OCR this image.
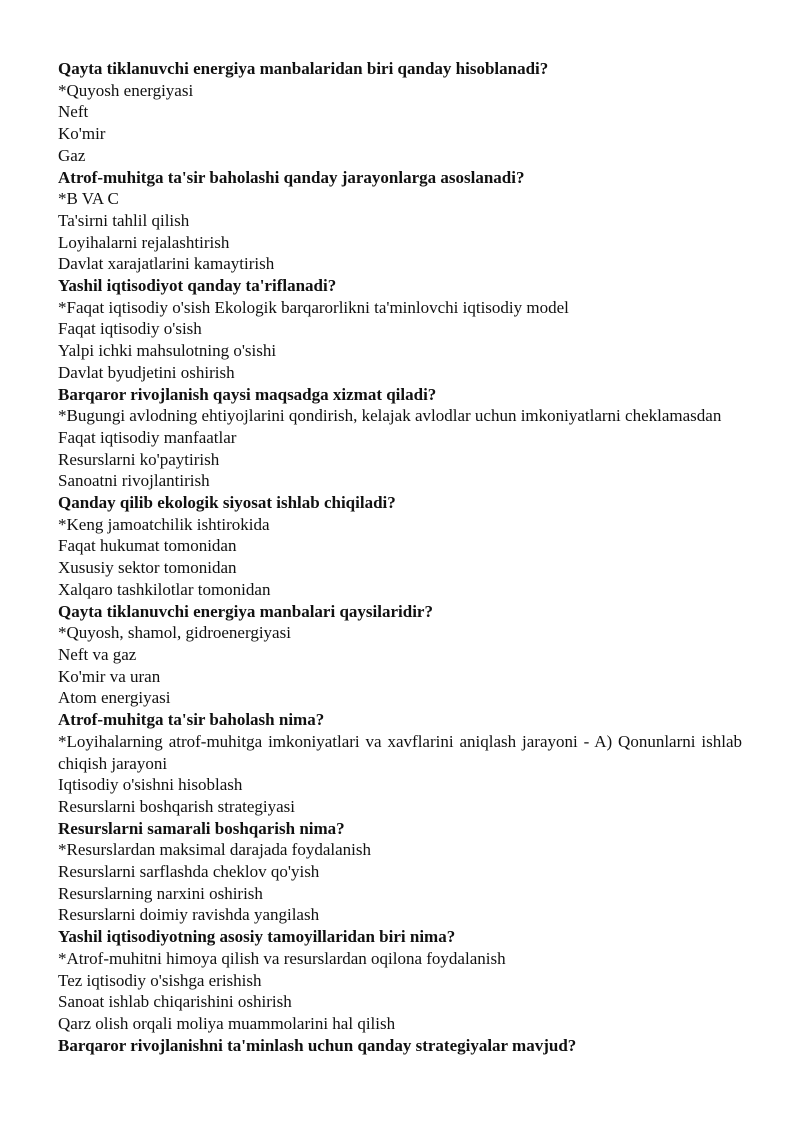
Qayta tiklanuvchi energiya manbalaridan biri qanday hisoblanadi?
*Quyosh energiyasi
Neft
Ko'mir
Gaz
Atrof-muhitga ta'sir baholashi qanday jarayonlarga asoslanadi?
*B VA C
Ta'sirni tahlil qilish
Loyihalarni rejalashtirish
Davlat xarajatlarini kamaytirish
Yashil iqtisodiyot qanday ta'riflanadi?
*Faqat iqtisodiy o'sish Ekologik barqarorlikni ta'minlovchi iqtisodiy model
Faqat iqtisodiy o'sish
Yalpi ichki mahsulotning o'sishi
Davlat byudjetini oshirish
Barqaror rivojlanish qaysi maqsadga xizmat qiladi?
*Bugungi avlodning ehtiyojlarini qondirish, kelajak avlodlar uchun imkoniyatlarni cheklamasdan
Faqat iqtisodiy manfaatlar
Resurslarni ko'paytirish
Sanoatni rivojlantirish
Qanday qilib ekologik siyosat ishlab chiqiladi?
*Keng jamoatchilik ishtirokida
Faqat hukumat tomonidan
Xususiy sektor tomonidan
Xalqaro tashkilotlar tomonidan
Qayta tiklanuvchi energiya manbalari qaysilaridir?
*Quyosh, shamol, gidroenergiyasi
Neft va gaz
Ko'mir va uran
Atom energiyasi
Atrof-muhitga ta'sir baholash nima?
*Loyihalarning atrof-muhitga imkoniyatlari va xavflarini aniqlash jarayoni - A) Qonunlarni ishlab chiqish jarayoni
Iqtisodiy o'sishni hisoblash
Resurslarni boshqarish strategiyasi
Resurslarni samarali boshqarish nima?
*Resurslardan maksimal darajada foydalanish
Resurslarni sarflashda cheklov qo'yish
Resurslarning narxini oshirish
Resurslarni doimiy ravishda yangilash
Yashil iqtisodiyotning asosiy tamoyillaridan biri nima?
*Atrof-muhitni himoya qilish va resurslardan oqilona foydalanish
Tez iqtisodiy o'sishga erishish
Sanoat ishlab chiqarishini oshirish
Qarz olish orqali moliya muammolarini hal qilish
Barqaror rivojlanishni ta'minlash uchun qanday strategiyalar mavjud?
